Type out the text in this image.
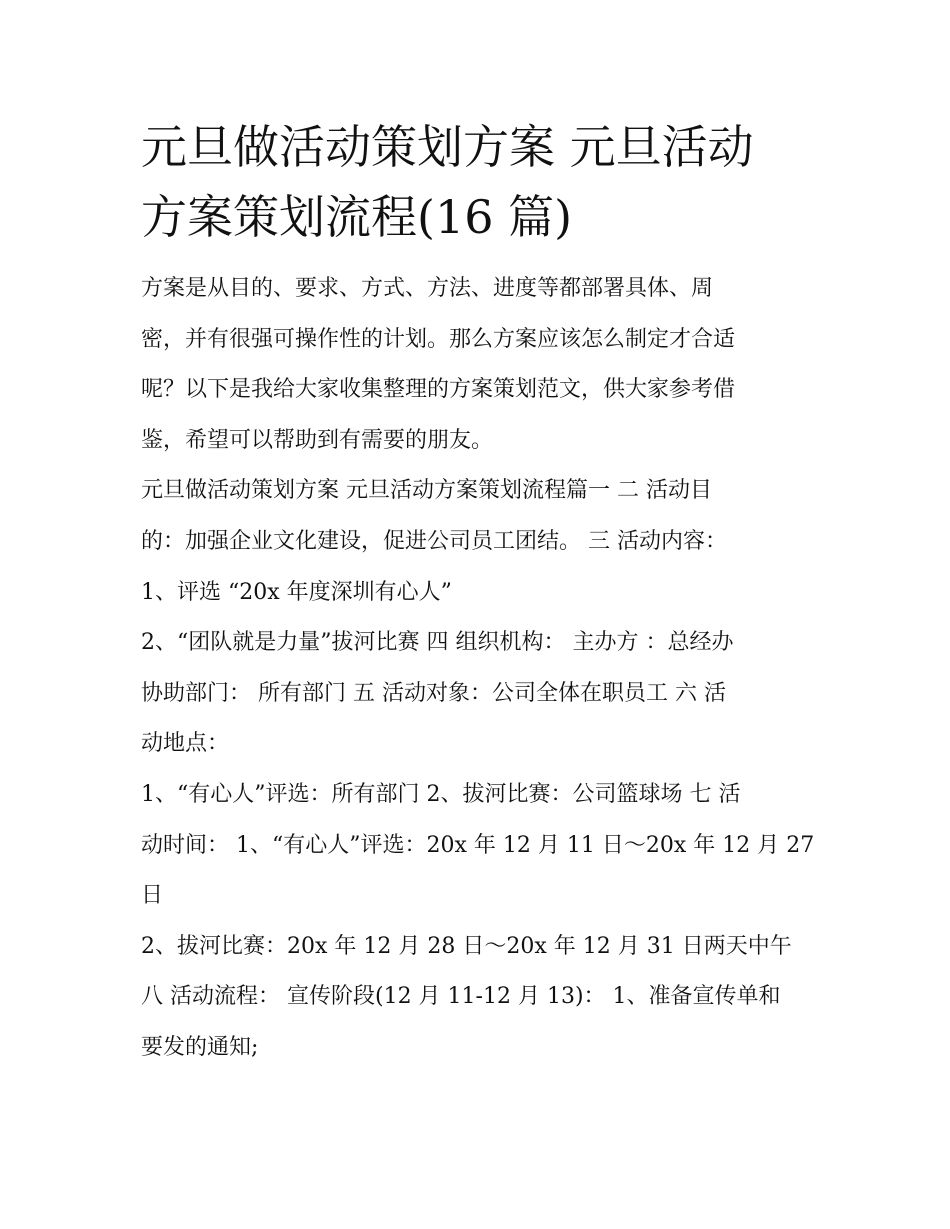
元旦做活动策划方案 元旦活动
方案策划流程(16 篇)
方案是从目的、要求、方式、方法、进度等都部署具体、周
密，并有很强可操作性的计划。那么方案应该怎么制定才合适
呢？以下是我给大家收集整理的方案策划范文，供大家参考借
鉴，希望可以帮助到有需要的朋友。
元旦做活动策划方案 元旦活动方案策划流程篇一 二 活动目
的：加强企业文化建设，促进公司员工团结。 三 活动内容：
1、评选 “20x 年度深圳有心人”
2、“团队就是力量”拔河比赛 四 组织机构： 主办方 ：总经办
协助部门： 所有部门 五 活动对象：公司全体在职员工 六 活
动地点：
1、“有心人”评选：所有部门 2、拔河比赛：公司篮球场 七 活
动时间： 1、“有心人”评选：20x 年 12 月 11 日～20x 年 12 月 27
日
2、拔河比赛：20x 年 12 月 28 日～20x 年 12 月 31 日两天中午
八 活动流程： 宣传阶段(12 月 11-12 月 13)： 1、准备宣传单和
要发的通知;
